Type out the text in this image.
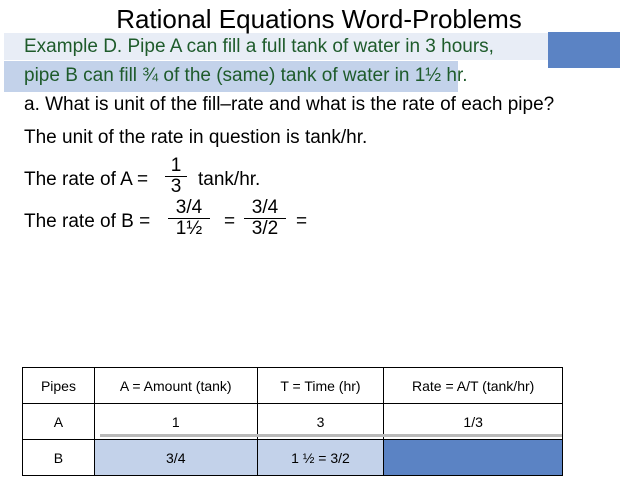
Rational Equations Word-Problems
Example D. Pipe A can fill a full tank of water in 3 hours,
pipe B can fill ¾ of the (same) tank of water in 1½ hr.
a. What is unit of the fill–rate and what is the rate of each pipe?
The unit of the rate in question is tank/hr.
The rate of A =
1
3 tank/hr.
The rate of B =
3/4
1½	=
3/4
3/2 =
Pipes	A = Amount (tank)	T = Time (hr)	Rate = A/T (tank/hr)
A	1	3	1/3
B	3/4	1 ½ = 3/2	
